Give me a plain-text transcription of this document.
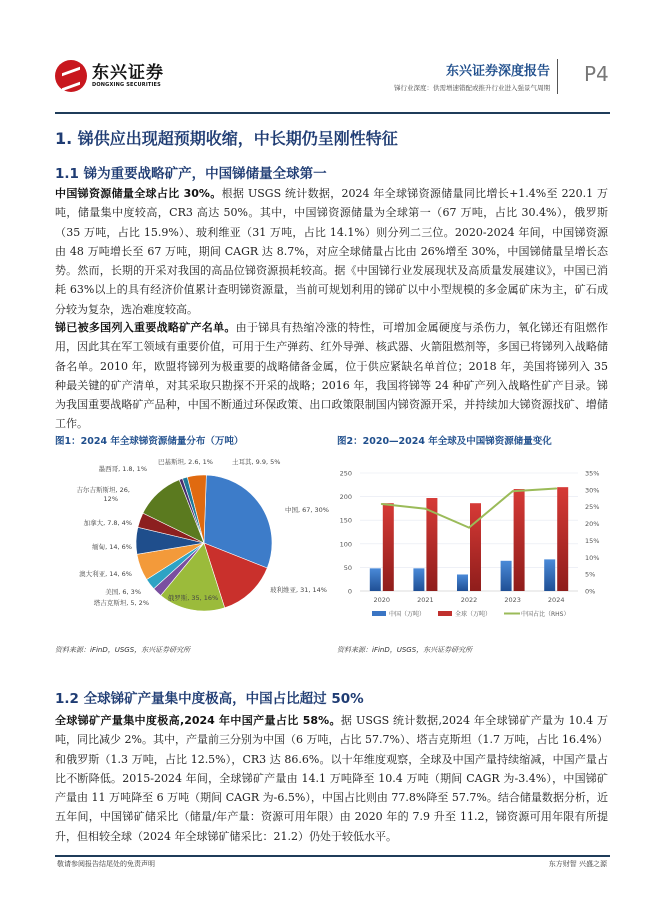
东兴证券
DONGXING SECURITIES
东兴证券深度报告
锑行业深度：供需增速错配或推升行业进入强景气周期
P4
1. 锑供应出现超预期收缩，中长期仍呈刚性特征
1.1 锑为重要战略矿产，中国锑储量全球第一
中国锑资源储量全球占比 30%。根据 USGS 统计数据，2024 年全球锑资源储量同比增长+1.4%至 220.1 万吨，储量集中度较高，CR3 高达 50%。其中，中国锑资源储量为全球第一（67 万吨，占比 30.4%），俄罗斯（35 万吨，占比 15.9%）、玻利维亚（31 万吨，占比 14.1%）则分列二三位。2020-2024 年间，中国锑资源由 48 万吨增长至 67 万吨，期间 CAGR 达 8.7%，对应全球储量占比由 26%增至 30%，中国锑储量呈增长态势。然而，长期的开采对我国的高品位锑资源损耗较高。据《中国锑行业发展现状及高质量发展建议》，中国已消耗 63%以上的具有经济价值累计查明锑资源量，当前可规划利用的锑矿以中小型规模的多金属矿床为主，矿石成分较为复杂，选冶难度较高。
锑已被多国列入重要战略矿产名单。由于锑具有热缩冷涨的特性，可增加金属硬度与杀伤力，氧化锑还有阻燃作用，因此其在军工领域有重要价值，可用于生产弹药、红外导弹、核武器、火箭阻燃剂等，多国已将锑列入战略储备名单。2010 年，欧盟将锑列为极重要的战略储备金属，位于供应紧缺名单首位；2018 年，美国将锑列入 35 种最关键的矿产清单，对其采取只勘探不开采的战略；2016 年，我国将锑等 24 种矿产列入战略性矿产目录。锑为我国重要战略矿产品种，中国不断通过环保政策、出口政策限制国内锑资源开采，并持续加大锑资源找矿、增储工作。
图1：2024 年全球锑资源储量分布（万吨）	图2：2020—2024 年全球及中国锑资源储量变化
中国, 67, 30%
玻利维亚, 31, 14%
俄罗斯, 35, 16%
塔吉克斯坦, 5, 2%
美国, 6, 3%
澳大利亚, 14, 6%
缅甸, 14, 6%
加拿大, 7.8, 4%
吉尔吉斯斯坦, 26, 12%
墨西哥, 1.8, 1%
巴基斯坦, 2.6, 1%	土耳其, 9.9, 5%
0
50
100
150
200
250
0%
5%
10%
15%
20%
25%
30%
35%
2020	2021	2022	2023	2024
中国（万吨）	全球（万吨）	中国占比（RHS）
资料来源：iFinD，USGS，东兴证券研究所	资料来源：iFinD，USGS，东兴证券研究所
1.2 全球锑矿产量集中度极高，中国占比超过 50%
全球锑矿产量集中度极高,2024 年中国产量占比 58%。据 USGS 统计数据,2024 年全球锑矿产量为 10.4 万吨，同比减少 2%。其中，产量前三分别为中国（6 万吨，占比 57.7%）、塔吉克斯坦（1.7 万吨，占比 16.4%）和俄罗斯（1.3 万吨，占比 12.5%），CR3 达 86.6%。以十年维度观察，全球及中国产量持续缩减，中国产量占比不断降低。2015-2024 年间，全球锑矿产量由 14.1 万吨降至 10.4 万吨（期间 CAGR 为-3.4%），中国锑矿产量由 11 万吨降至 6 万吨（期间 CAGR 为-6.5%），中国占比则由 77.8%降至 57.7%。结合储量数据分析，近五年间，中国锑矿储采比（储量/年产量：资源可用年限）由 2020 年的 7.9 升至 11.2，锑资源可用年限有所提升，但相较全球（2024 年全球锑矿储采比：21.2）仍处于较低水平。
敬请参阅报告结尾处的免责声明	东方财智 兴盛之源
